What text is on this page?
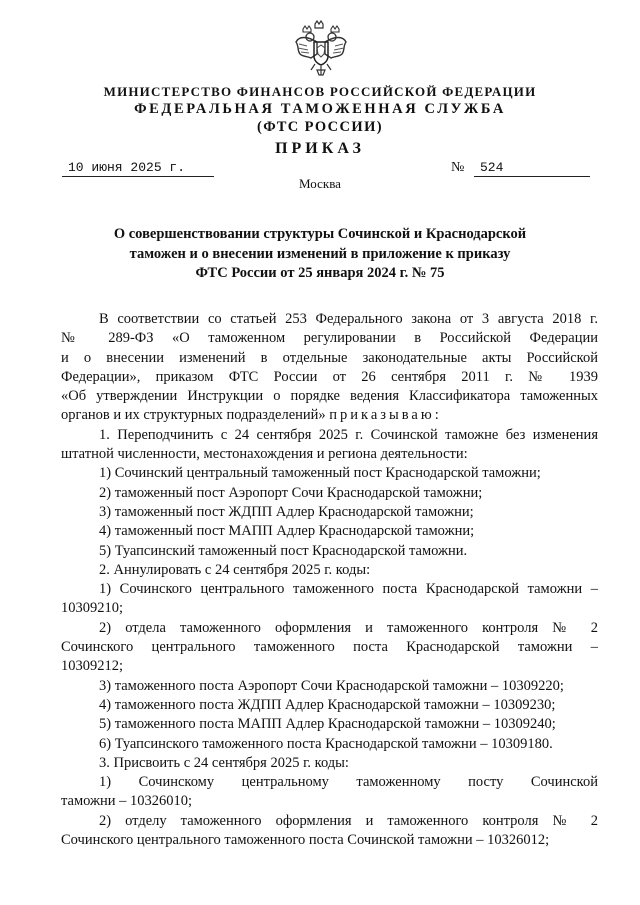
МИНИСТЕРСТВО ФИНАНСОВ РОССИЙСКОЙ ФЕДЕРАЦИИ
ФЕДЕРАЛЬНАЯ ТАМОЖЕННАЯ СЛУЖБА
(ФТС РОССИИ)
ПРИКАЗ
10 июня 2025 г.	№	524
Москва
О совершенствовании структуры Сочинской и Краснодарской
таможен и о внесении изменений в приложение к приказу
ФТС России от 25 января 2024 г. № 75
В соответствии со статьей 253 Федерального закона от 3 августа 2018 г.
№ 289-ФЗ «О таможенном регулировании в Российской Федерации
и о внесении изменений в отдельные законодательные акты Российской
Федерации», приказом ФТС России от 26 сентября 2011 г. № 1939
«Об утверждении Инструкции о порядке ведения Классификатора таможенных
органов и их структурных подразделений» приказываю:
1. Переподчинить с 24 сентября 2025 г. Сочинской таможне без изменения
штатной численности, местонахождения и региона деятельности:
1) Сочинский центральный таможенный пост Краснодарской таможни;
2) таможенный пост Аэропорт Сочи Краснодарской таможни;
3) таможенный пост ЖДПП Адлер Краснодарской таможни;
4) таможенный пост МАПП Адлер Краснодарской таможни;
5) Туапсинский таможенный пост Краснодарской таможни.
2. Аннулировать с 24 сентября 2025 г. коды:
1) Сочинского центрального таможенного поста Краснодарской таможни –
10309210;
2) отдела таможенного оформления и таможенного контроля № 2
Сочинского центрального таможенного поста Краснодарской таможни –
10309212;
3) таможенного поста Аэропорт Сочи Краснодарской таможни – 10309220;
4) таможенного поста ЖДПП Адлер Краснодарской таможни – 10309230;
5) таможенного поста МАПП Адлер Краснодарской таможни – 10309240;
6) Туапсинского таможенного поста Краснодарской таможни – 10309180.
3. Присвоить с 24 сентября 2025 г. коды:
1) Сочинскому центральному таможенному посту Сочинской
таможни – 10326010;
2) отделу таможенного оформления и таможенного контроля № 2
Сочинского центрального таможенного поста Сочинской таможни – 10326012;
